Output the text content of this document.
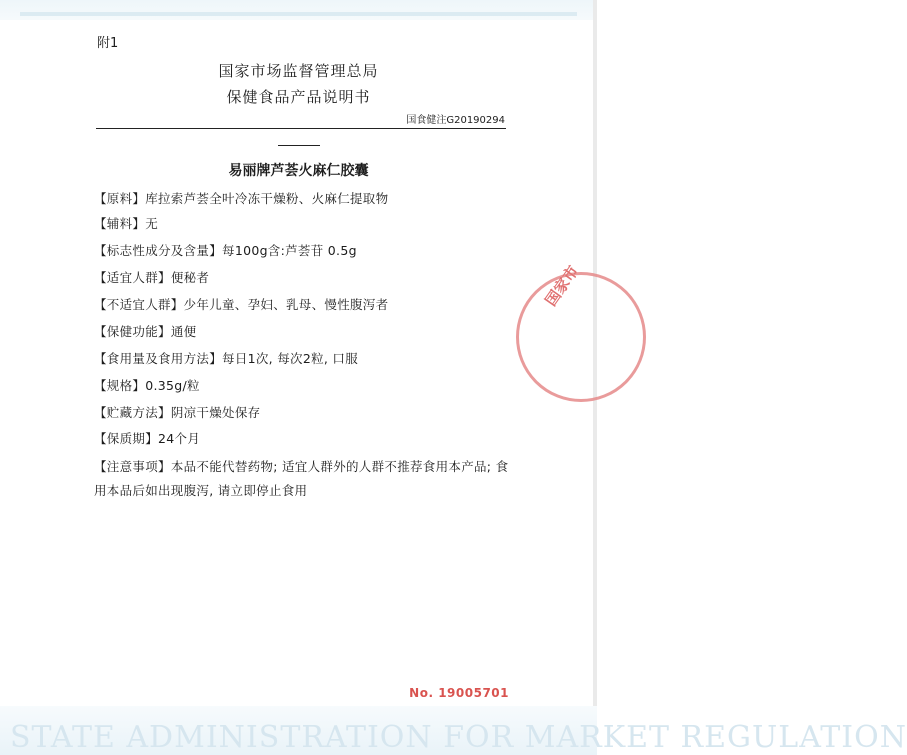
附1
国家市场监督管理总局
保健食品产品说明书
国食健注G20190294
易丽牌芦荟火麻仁胶囊
【原料】库拉索芦荟全叶冷冻干燥粉、火麻仁提取物
【辅料】无
【标志性成分及含量】每100g含:芦荟苷 0.5g
【适宜人群】便秘者
【不适宜人群】少年儿童、孕妇、乳母、慢性腹泻者
【保健功能】通便
【食用量及食用方法】每日1次, 每次2粒, 口服
【规格】0.35g/粒
【贮藏方法】阴凉干燥处保存
【保质期】24个月
【注意事项】本品不能代替药物; 适宜人群外的人群不推荐食用本产品; 食用本品后如出现腹泻, 请立即停止食用
国家市
No. 19005701
STATE ADMINISTRATION FOR MARKET REGULATION
